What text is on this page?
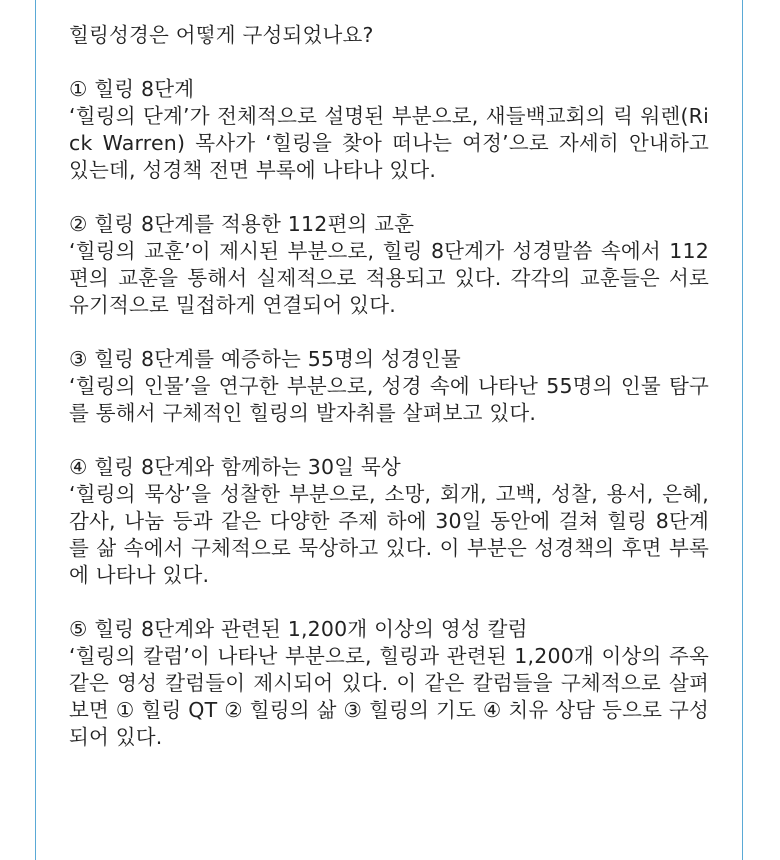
힐링성경은 어떻게 구성되었나요?

① 힐링 8단계

‘힐링의 단계’가 전체적으로 설명된 부분으로, 새들백교회의 릭 워렌(Rick Warren) 목사가 ‘힐링을 찾아 떠나는 여정’으로 자세히 안내하고 있는데, 성경책 전면 부록에 나타나 있다.

② 힐링 8단계를 적용한 112편의 교훈

‘힐링의 교훈’이 제시된 부분으로, 힐링 8단계가 성경말씀 속에서 112편의 교훈을 통해서 실제적으로 적용되고 있다. 각각의 교훈들은 서로 유기적으로 밀접하게 연결되어 있다.

③ 힐링 8단계를 예증하는 55명의 성경인물

‘힐링의 인물’을 연구한 부분으로, 성경 속에 나타난 55명의 인물 탐구를 통해서 구체적인 힐링의 발자취를 살펴보고 있다.

④ 힐링 8단계와 함께하는 30일 묵상

‘힐링의 묵상’을 성찰한 부분으로, 소망, 회개, 고백, 성찰, 용서, 은혜, 감사, 나눔 등과 같은 다양한 주제 하에 30일 동안에 걸쳐 힐링 8단계를 삶 속에서 구체적으로 묵상하고 있다. 이 부분은 성경책의 후면 부록에 나타나 있다.

⑤ 힐링 8단계와 관련된 1,200개 이상의 영성 칼럼

‘힐링의 칼럼’이 나타난 부분으로, 힐링과 관련된 1,200개 이상의 주옥 같은 영성 칼럼들이 제시되어 있다. 이 같은 칼럼들을 구체적으로 살펴보면 ① 힐링 QT ② 힐링의 삶 ③ 힐링의 기도 ④ 치유 상담 등으로 구성되어 있다.
